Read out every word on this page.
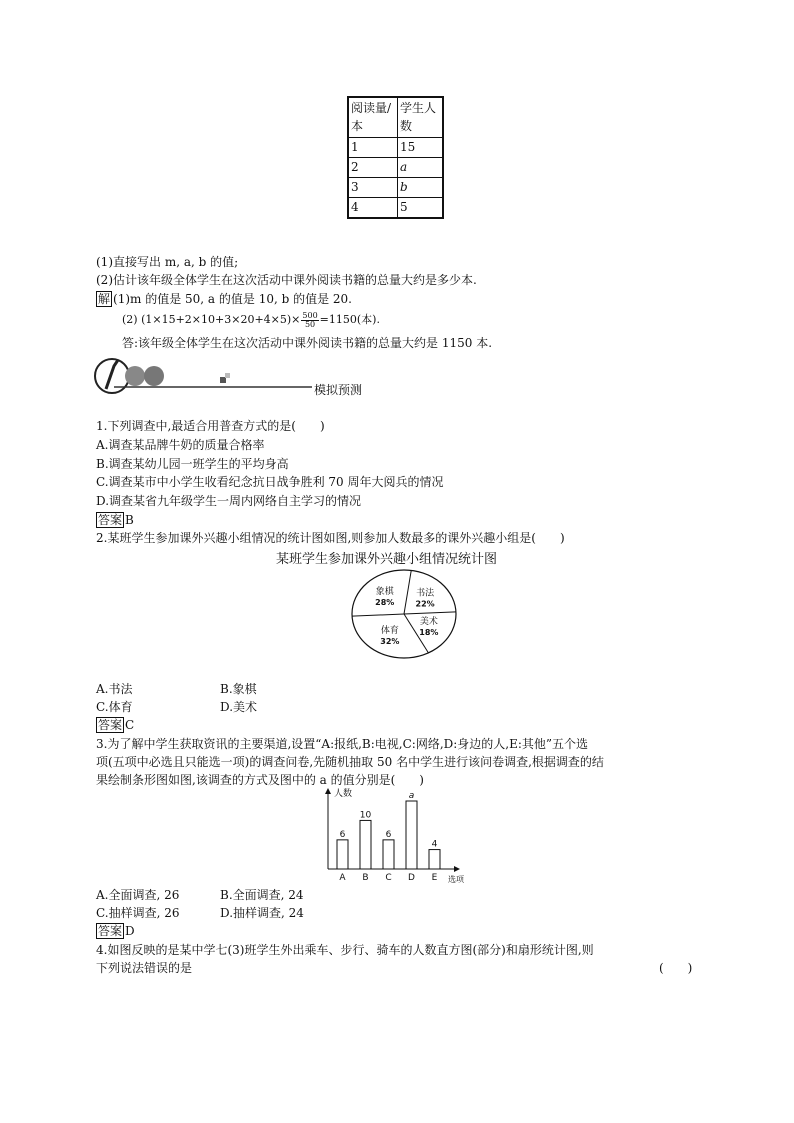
阅读量/本	学生人数
1	15
2	a
3	b
4	5
(1)直接写出 m, a, b 的值;
(2)估计该年级全体学生在这次活动中课外阅读书籍的总量大约是多少本.
解 (1)m 的值是 50, a 的值是 10, b 的值是 20.
(2) $(1\times 15+2\times 10+3\times 20+4\times 5)\times \frac{500}{50} =1150$(本).
答:该年级全体学生在这次活动中课外阅读书籍的总量大约是 1150 本.
模拟预测
1.下列调查中,最适合用普查方式的是(　　)
A.调查某品牌牛奶的质量合格率
B.调查某幼儿园一班学生的平均身高
C.调查某市中小学生收看纪念抗日战争胜利 70 周年大阅兵的情况
D.调查某省九年级学生一周内网络自主学习的情况
答案 B
2.某班学生参加课外兴趣小组情况的统计图如图,则参加人数最多的课外兴趣小组是(　　)
某班学生参加课外兴趣小组情况统计图
书法
22%
美术
18%
体育
32%
象棋
28%
A.书法	B.象棋
C.体育	D.美术
答案 C
3.为了解中学生获取资讯的主要渠道,设置“A:报纸,B:电视,C:网络,D:身边的人,E:其他”五个选
项(五项中必选且只能选一项)的调查问卷,先随机抽取 50 名中学生进行该问卷调查,根据调查的结
果绘制条形图如图,该调查的方式及图中的 a 的值分别是(　　)
人数
选项
6
A
10
B
6
C
a
D
4
E
A.全面调查, 26	B.全面调查, 24
C.抽样调查, 26	D.抽样调查, 24
答案 D
4.如图反映的是某中学七(3)班学生外出乘车、步行、骑车的人数直方图(部分)和扇形统计图,则
下列说法错误的是	(　　)
